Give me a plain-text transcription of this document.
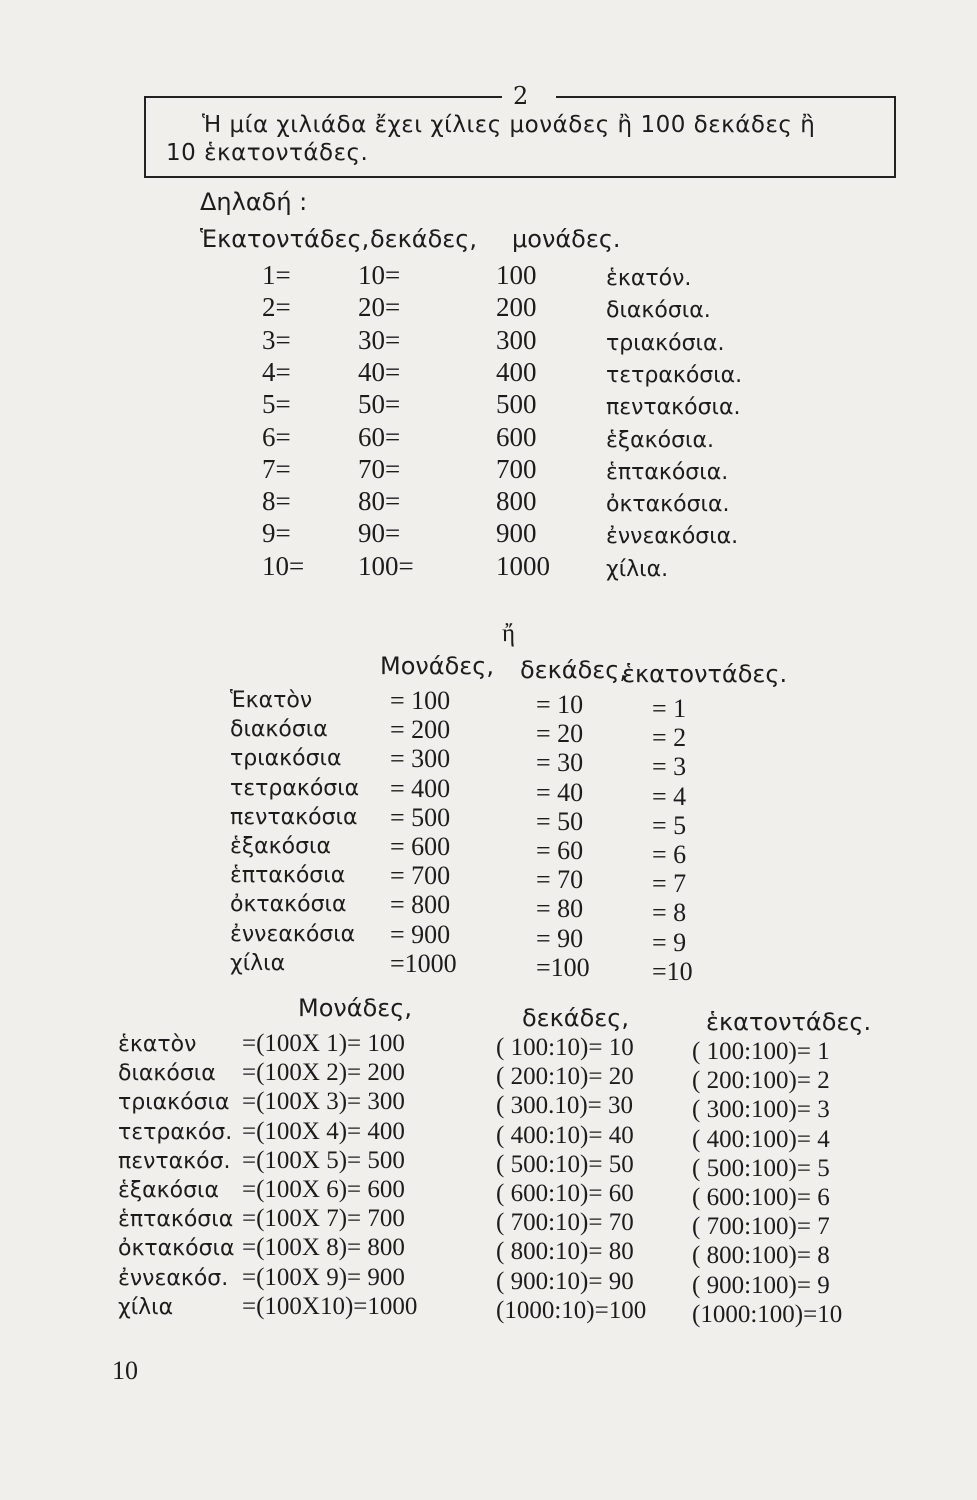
2
Ἡ μία χιλιάδα ἔχει χίλιες μονάδες ἢ 100 δεκάδες ἢ
10 ἑκατοντάδες.
Δηλαδή :
Ἑκατοντάδες, δεκάδες, μονάδες.
1= 10=	100	ἑκατόν.
2= 20=	200	διακόσια.
3= 30=	300	τριακόσια.
4= 40=	400	τετρακόσια.
5= 50=	500	πεντακόσια.
6= 60=	600	ἑξακόσια.
7= 70=	700	ἑπτακόσια.
8= 80=	800	ὀκτακόσια.
9= 90=	900	ἐννεακόσια.
10= 100=	1000	χίλια.
ἤ
Μονάδες, δεκάδες,
ἑκατοντάδες.
Ἑκατὸν	= 100	= 10	= 1
διακόσια = 200	= 20	= 2
τριακόσια = 300	= 30	= 3
τετρακόσια = 400	= 40	= 4
πεντακόσια = 500	= 50	= 5
ἑξακόσια = 600	= 60	= 6
ἑπτακόσια = 700	= 70	= 7
ὀκτακόσια = 800	= 80	= 8
ἐννεακόσια = 900	= 90	= 9
χίλια	=1000	=100 =10
Μονάδες,	δεκάδες,	ἑκατοντάδες.
ἑκατὸν =(100X 1)= 100	( 100:10)= 10 ( 100:100)= 1
διακόσια =(100X 2)= 200	( 200:10)= 20 ( 200:100)= 2
τριακόσια =(100X 3)= 300	( 300.10)= 30 ( 300:100)= 3
τετρακόσ. =(100X 4)= 400	( 400:10)= 40 ( 400:100)= 4
πεντακόσ. =(100X 5)= 500	( 500:10)= 50 ( 500:100)= 5
ἑξακόσια =(100X 6)= 600	( 600:10)= 60 ( 600:100)= 6
ἑπτακόσια =(100X 7)= 700	( 700:10)= 70 ( 700:100)= 7
ὀκτακόσια =(100X 8)= 800	( 800:10)= 80 ( 800:100)= 8
ἐννεακόσ. =(100X 9)= 900	( 900:10)= 90 ( 900:100)= 9
χίλια	=(100X10)=1000	(1000:10)=100 (1000:100)=10
10
